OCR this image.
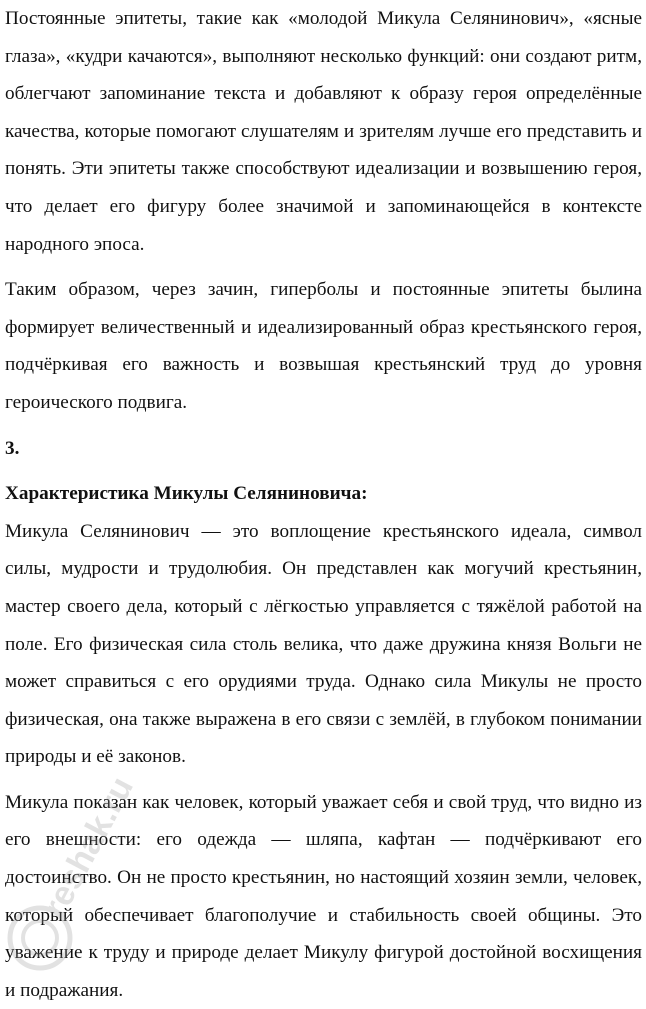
Постоянные эпитеты, такие как «молодой Микула Селянинович», «ясные глаза», «кудри качаются», выполняют несколько функций: они создают ритм, облегчают запоминание текста и добавляют к образу героя определённые качества, которые помогают слушателям и зрителям лучше его представить и понять. Эти эпитеты также способствуют идеализации и возвышению героя, что делает его фигуру более значимой и запоминающейся в контексте народного эпоса.

Таким образом, через зачин, гиперболы и постоянные эпитеты былина формирует величественный и идеализированный образ крестьянского героя, подчёркивая его важность и возвышая крестьянский труд до уровня героического подвига.

3.

Характеристика Микулы Селяниновича:

Микула Селянинович — это воплощение крестьянского идеала, символ силы, мудрости и трудолюбия. Он представлен как могучий крестьянин, мастер своего дела, который с лёгкостью управляется с тяжёлой работой на поле. Его физическая сила столь велика, что даже дружина князя Вольги не может справиться с его орудиями труда. Однако сила Микулы не просто физическая, она также выражена в его связи с землёй, в глубоком понимании природы и её законов.

Микула показан как человек, который уважает себя и свой труд, что видно из его внешности: его одежда — шляпа, кафтан — подчёркивают его достоинство. Он не просто крестьянин, но настоящий хозяин земли, человек, который обеспечивает благополучие и стабильность своей общины. Это уважение к труду и природе делает Микулу фигурой достойной восхищения и подражания.

reshak.ru
